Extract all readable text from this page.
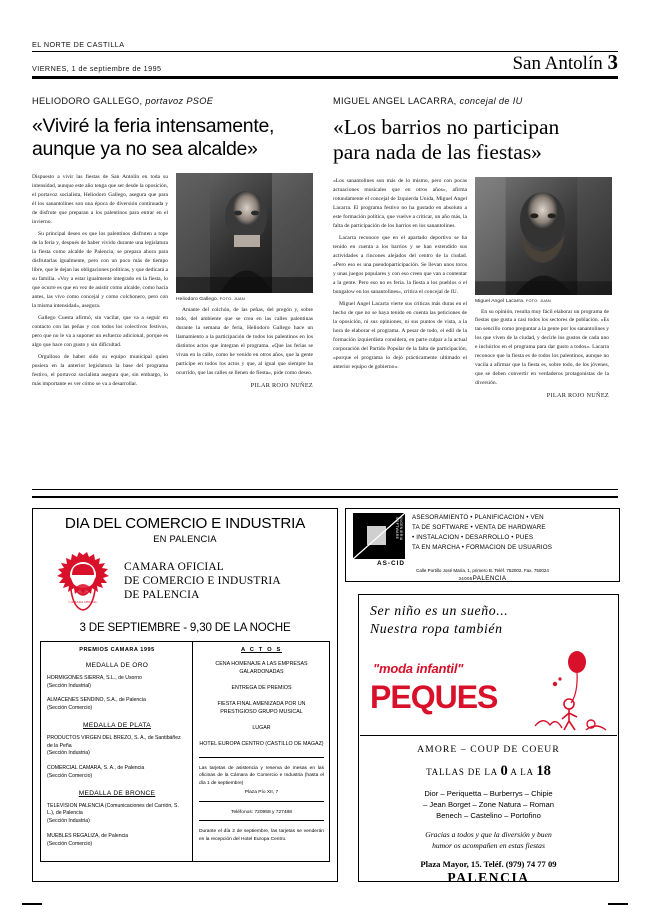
EL NORTE DE CASTILLA
VIERNES, 1 de septiembre de 1995	San Antolín 3
HELIODORO GALLEGO, portavoz PSOE
«Viviré la feria intensamente,
aunque ya no sea alcalde»

Dispuesto a vivir las fiestas de San Antolín en toda su intensidad, aunque este año tenga que ser desde la oposición, el portavoz socialista, Heliodoro Gallego, asegura que para él los sanantolines son una época de diversión continuada y de disfrute que preparan a los palentinos para entrar en el invierno.

Su principal deseo es que los palentinos disfruten a tope de la feria y, después de haber vivido durante una legislatura la fiesta como alcalde de Palencia, se prepara ahora para disfrutarlas igualmente, pero con un poco más de tiempo libre, que le dejan las obligaciones políticas, y que dedicará a su familia. «Voy a estar igualmente integrado en la fiesta, lo que ocurre es que en vez de asistir como alcalde, como hacía antes, las vivo como concejal y como colchonero, pero con la misma intensidad», asegura.

Gallego Cuesta afirmó, sin vacilar, que va a seguir en contacto con las peñas y con todos los colectivos festivos, pero que no le va a suponer un esfuerzo adicional, porque es algo que hace con gusto y sin dificultad.

Orgulloso de haber sido su equipo municipal quien pusiera en la anterior legislatura la base del programa festivo, el portavoz socialista asegura que, sin embargo, lo más importante es ver cómo se va a desarrollar.

Heliodoro Gallego. FOTO: JUAN

Amante del colchón, de las peñas, del pregón y, sobre todo, del ambiente que se crea en las calles palentinas durante la semana de feria, Heliodoro Gallego hace un llamamiento a la participación de todos los palentinos en los distintos actos que integran el programa. «Que las ferias se vivan en la calle, como he venido en otros años, que la gente participe en todos los actos y que, al igual que siempre ha ocurrido, que las calles se llenen de fiesta», pide como deseo.

PILAR ROJO NUÑEZ
MIGUEL ANGEL LACARRA, concejal de IU
«Los barrios no participan
para nada de las fiestas»

«Los sanantolines son más de lo mismo, pero con pocas actuaciones musicales que en otros años», afirma rotundamente el concejal de Izquierda Unida, Miguel Angel Lacarra. El programa festivo no ha gustado en absoluto a este formación política, que vuelve a criticar, un año más, la falta de participación de los barrios en los sanantolines.

Lacarra reconoce que en el apartado deportivo se ha tenido en cuenta a los barrios y se han extendido sus actividades a rincones alejados del centro de la ciudad. «Pero eso es una pseudoparticipación. Se llevan unos toros y unas juegos populares y con eso creen que van a contentar a la gente. Pero eso no es feria. la fiesta a los pueblos o el bungalow en los sanantolines», critica el concejal de IU.

Miguel Angel Lacarra vierte sus críticas más duras en el hecho de que no se haya tenido en cuenta las peticiones de la oposición, ni sus opiniones, ni sus puntos de vista, a la hora de elaborar el programa. A pesar de todo, el edil de la formación izquierdista considera, en parte culpar a la actual corporación del Partido Popular de la falta de participación, «porque el programa lo dejó prácticamente ultimado el anterior equipo de gobierno».

Miguel Angel Lacarra. FOTO: JUAN

En su opinión, resulta muy fácil elaborar un programa de fiestas que gusta a casi todos los sectores de población. «Es tan sencillo como preguntar a la gente por los sanantolines y los que viven de la ciudad, y decirle los gustos de cada uno e incluirlos en el programa para dar gusto a todos». Lacarra reconoce que la fiesta es de todos los palentinos, aunque no vacila a afirmar que la fiesta es, sobre todo, de los jóvenes, que se deben convertir en verdaderos protagonistas de la diversión.

PILAR ROJO NUÑEZ
DIA DEL COMERCIO E INDUSTRIA
EN PALENCIA
CAMARA OFICIAL
CAMARA OFICIAL
DE COMERCIO E INDUSTRIA
DE PALENCIA
3 DE SEPTIEMBRE - 9,30 DE LA NOCHE
PREMIOS CAMARA 1995
MEDALLA DE ORO
HORMIGONES SIERRA, S.L., de Usorno
(Sección Industrial)
ALMACENES SENDINO, S.A., de Palencia
(Sección Comercio)
MEDALLA DE PLATA
PRODUCTOS VIRGEN DEL BREZO, S. A., de Santibáñez de la Peña
(Sección Industria)
COMERCIAL CAMARA, S. A., de Palencia
(Sección Comercio)
MEDALLA DE BRONCE
TELEVISION PALENCIA (Comunicaciones del Carrión, S. L.), de Palencia
(Sección Industria)
MUEBLES REGALIZA, de Palencia
(Sección Comercio)
A C T O S
CENA HOMENAJE A LAS EMPRESAS GALARDONADAS
ENTREGA DE PREMIOS
FIESTA FINAL AMENIZADA POR UN PRESTIGIOSO GRUPO MUSICAL
LUGAR
HOTEL EUROPA CENTRO (CASTILLO DE MAGAZ)
Las tarjetas de asistencia y reserva de mesas en las oficinas de la Cámara de Comercio e Industria (hasta el día 1 de septiembre)
Plaza Pío XII, 7
Teléfonos: 720958 y 727488
Durante el día 2 de septiembre, las tarjetas se venderán en la recepción del Hotel Europa Centro.
INGENIERIA SOFTWARE
AS-CID
ASESORAMIENTO • PLANIFICACION • VEN
TA DE SOFTWARE • VENTA DE HARDWARE
• INSTALACION • DESARROLLO • PUES
TA EN MARCHA • FORMACION DE USUARIOS
Calle Portillo José María, 1, primero B. Teléf. 752002. Fax. 750024
34005PALENCIA
Ser niño es un sueño...
Nuestra ropa también
"moda infantil"
PEQUES
AMORE – COUP DE COEUR
TALLAS DE LA 0 A LA 18
Dior – Periquetta – Burberrys – Chipie
– Jean Borget – Zone Natura – Roman
Benech – Castelino – Portofino
Gracias a todos y que la diversión y buen
humor os acompañen en estas fiestas
Plaza Mayor, 15. Teléf. (979) 74 77 09
PALENCIA
